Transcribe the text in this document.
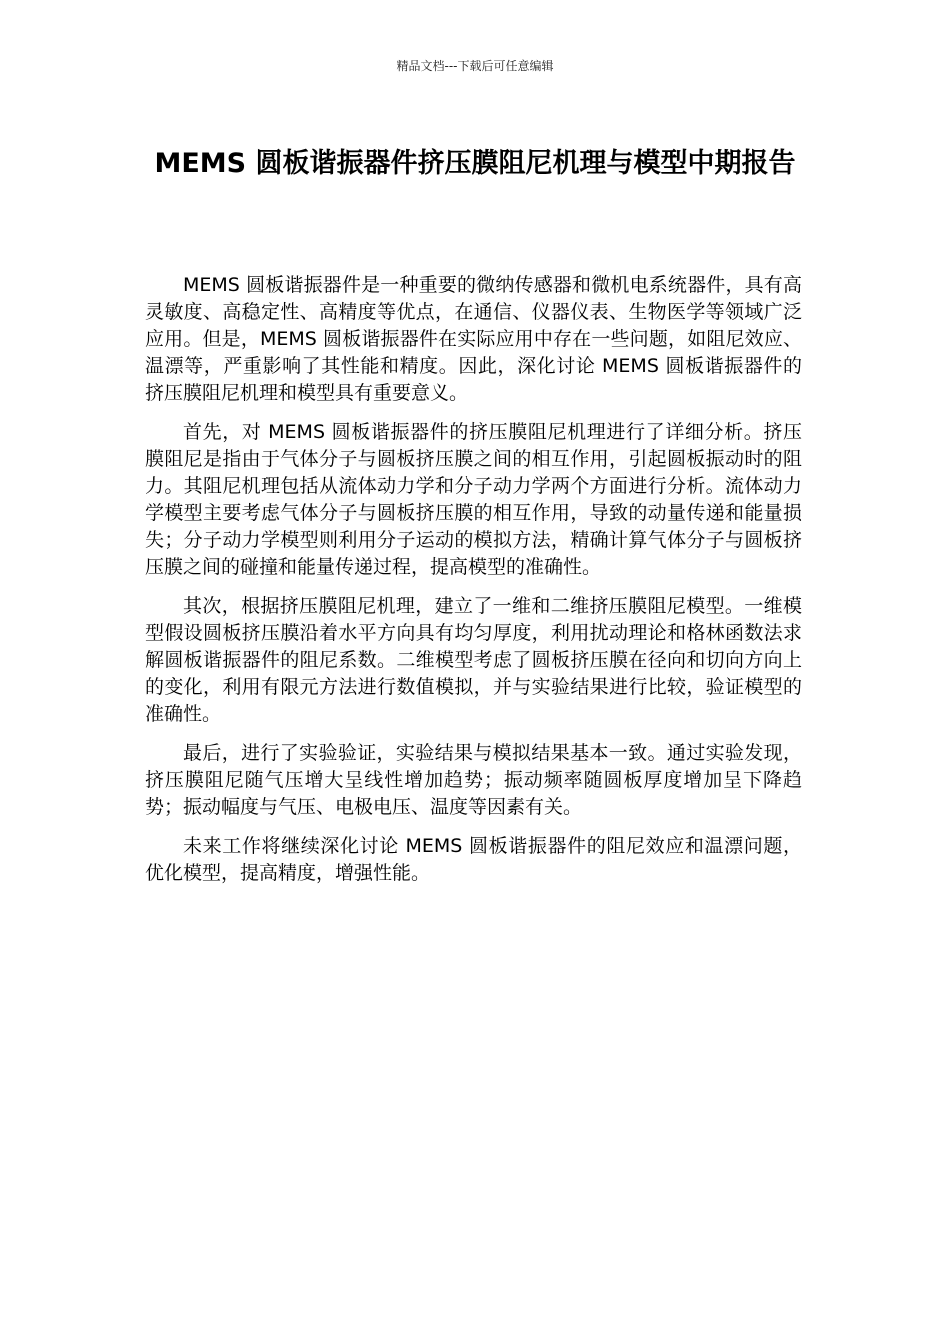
精品文档---下载后可任意编辑
MEMS 圆板谐振器件挤压膜阻尼机理与模型中期报告

MEMS 圆板谐振器件是一种重要的微纳传感器和微机电系统器件，具有高灵敏度、高稳定性、高精度等优点，在通信、仪器仪表、生物医学等领域广泛应用。但是，MEMS 圆板谐振器件在实际应用中存在一些问题，如阻尼效应、温漂等，严重影响了其性能和精度。因此，深化讨论 MEMS 圆板谐振器件的挤压膜阻尼机理和模型具有重要意义。

首先，对 MEMS 圆板谐振器件的挤压膜阻尼机理进行了详细分析。挤压膜阻尼是指由于气体分子与圆板挤压膜之间的相互作用，引起圆板振动时的阻力。其阻尼机理包括从流体动力学和分子动力学两个方面进行分析。流体动力学模型主要考虑气体分子与圆板挤压膜的相互作用，导致的动量传递和能量损失；分子动力学模型则利用分子运动的模拟方法，精确计算气体分子与圆板挤压膜之间的碰撞和能量传递过程，提高模型的准确性。

其次，根据挤压膜阻尼机理，建立了一维和二维挤压膜阻尼模型。一维模型假设圆板挤压膜沿着水平方向具有均匀厚度，利用扰动理论和格林函数法求解圆板谐振器件的阻尼系数。二维模型考虑了圆板挤压膜在径向和切向方向上的变化，利用有限元方法进行数值模拟，并与实验结果进行比较，验证模型的准确性。

最后，进行了实验验证，实验结果与模拟结果基本一致。通过实验发现，挤压膜阻尼随气压增大呈线性增加趋势；振动频率随圆板厚度增加呈下降趋势；振动幅度与气压、电极电压、温度等因素有关。

未来工作将继续深化讨论 MEMS 圆板谐振器件的阻尼效应和温漂问题，优化模型，提高精度，增强性能。
